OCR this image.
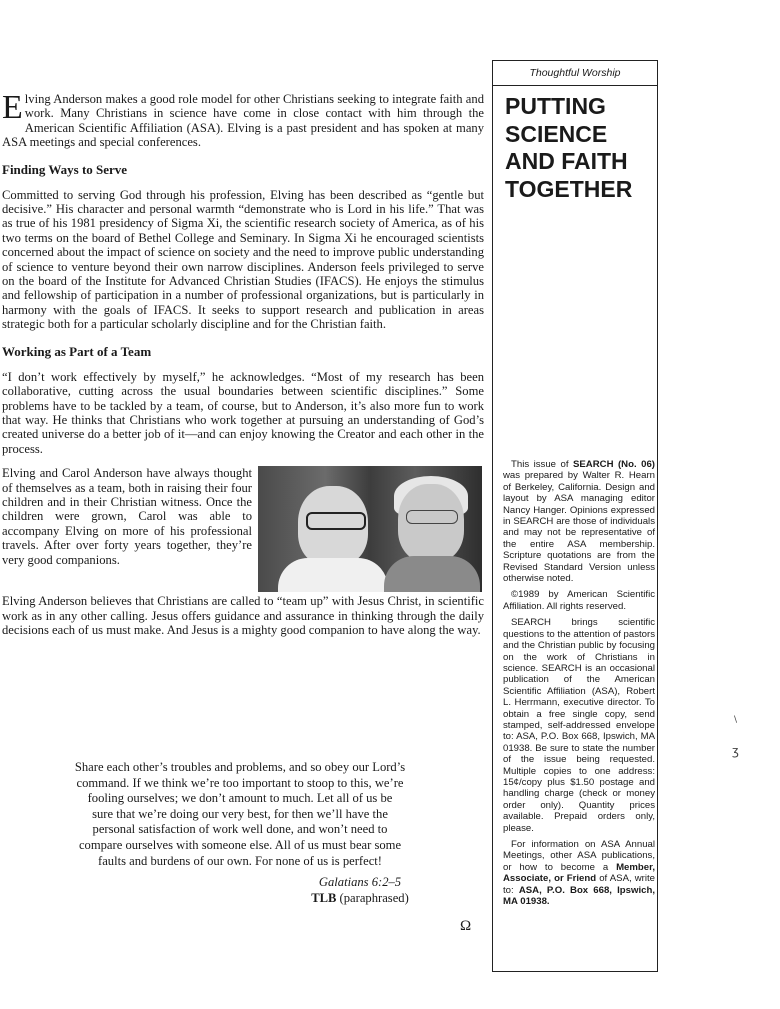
Elving Anderson makes a good role model for other Christians seeking to integrate faith and work. Many Christians in science have come in close contact with him through the American Scientific Affiliation (ASA). Elving is a past president and has spoken at many ASA meetings and special conferences.

Finding Ways to Serve

Committed to serving God through his profession, Elving has been described as “gentle but decisive.” His character and personal warmth “demonstrate who is Lord in his life.” That was as true of his 1981 presidency of Sigma Xi, the scientific research society of America, as of his two terms on the board of Bethel College and Seminary. In Sigma Xi he encouraged scientists concerned about the impact of science on society and the need to improve public understanding of science to venture beyond their own narrow disciplines. Anderson feels privileged to serve on the board of the Institute for Advanced Christian Studies (IFACS). He enjoys the stimulus and fellowship of participation in a number of professional organizations, but is particularly in harmony with the goals of IFACS. It seeks to support research and publication in areas strategic both for a particular scholarly discipline and for the Christian faith.

Working as Part of a Team

“I don’t work effectively by myself,” he acknowledges. “Most of my research has been collaborative, cutting across the usual boundaries between scientific disciplines.” Some problems have to be tackled by a team, of course, but to Anderson, it’s also more fun to work that way. He thinks that Christians who work together at pursuing an understanding of God’s created universe do a better job of it—and can enjoy knowing the Creator and each other in the process.

Elving and Carol Anderson have always thought of themselves as a team, both in raising their four children and in their Christian witness. Once the children were grown, Carol was able to accompany Elving on more of his professional travels. After over forty years together, they’re very good companions.

Elving Anderson believes that Christians are called to “team up” with Jesus Christ, in scientific work as in any other calling. Jesus offers guidance and assurance in thinking through the daily decisions each of us must make. And Jesus is a mighty good companion to have along the way.

Share each other’s troubles and problems, and so obey our Lord’s
command. If we think we’re too important to stoop to this, we’re
fooling ourselves; we don’t amount to much. Let all of us be
sure that we’re doing our very best, for then we’ll have the
personal satisfaction of work well done, and won’t need to
compare ourselves with someone else. All of us must bear some
faults and burdens of our own. For none of us is perfect!
Galatians 6:2–5
TLB (paraphrased)
Ω
Thoughtful Worship
PUTTING
SCIENCE
AND FAITH
TOGETHER

This issue of SEARCH (No. 06) was prepared by Walter R. Hearn of Berkeley, California. Design and layout by ASA managing editor Nancy Hanger. Opinions expressed in SEARCH are those of individuals and may not be representative of the entire ASA membership. Scripture quotations are from the Revised Standard Version unless otherwise noted.

©1989 by American Scientific Affiliation. All rights reserved.

SEARCH brings scientific questions to the attention of pastors and the Christian public by focusing on the work of Christians in science. SEARCH is an occasional publication of the American Scientific Affiliation (ASA), Robert L. Herrmann, executive director. To obtain a free single copy, send stamped, self-addressed envelope to: ASA, P.O. Box 668, Ipswich, MA 01938. Be sure to state the number of the issue being requested. Multiple copies to one address: 15¢/copy plus $1.50 postage and handling charge (check or money order only). Quantity prices available. Prepaid orders only, please.

For information on ASA Annual Meetings, other ASA publications, or how to become a Member, Associate, or Friend of ASA, write to: ASA, P.O. Box 668, Ipswich, MA 01938.

\
ʒ
